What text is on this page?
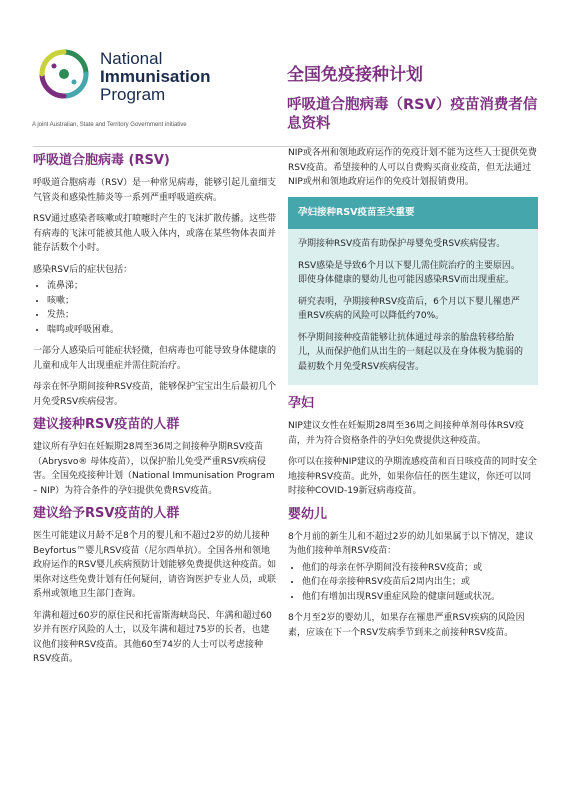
National
Immunisation
Program
A joint Australian, State and Territory Government initiative
全国免疫接种计划
呼吸道合胞病毒（RSV）疫苗消费者信息资料
呼吸道合胞病毒 (RSV)

呼吸道合胞病毒（RSV）是一种常见病毒，能够引起儿童细支气管炎和感染性肺炎等一系列严重呼吸道疾病。

RSV通过感染者咳嗽或打喷嚏时产生的飞沫扩散传播。这些带有病毒的飞沫可能被其他人吸入体内，或落在某些物体表面并能存活数个小时。

感染RSV后的症状包括：

• 流鼻涕；
• 咳嗽；
• 发热；
• 喘鸣或呼吸困难。

一部分人感染后可能症状轻微，但病毒也可能导致身体健康的儿童和成年人出现重症并需住院治疗。

母亲在怀孕期间接种RSV疫苗，能够保护宝宝出生后最初几个月免受RSV疾病侵害。

建议接种RSV疫苗的人群

建议所有孕妇在妊娠期28周至36周之间接种孕期RSV疫苗（Abrysvo® 母体疫苗），以保护胎儿免受严重RSV疾病侵害。全国免疫接种计划（National Immunisation Program – NIP）为符合条件的孕妇提供免费RSV疫苗。

建议给予RSV疫苗的人群

医生可能建议月龄不足8个月的婴儿和不超过2岁的幼儿接种Beyfortus™婴儿RSV疫苗（尼尔西单抗）。全国各州和领地政府运作的RSV婴儿疾病预防计划能够免费提供这种疫苗。如果你对这些免费计划有任何疑问，请咨询医护专业人员，或联系州或领地卫生部门查询。

年满和超过60岁的原住民和托雷斯海峡岛民、年满和超过60岁并有医疗风险的人士，以及年满和超过75岁的长者，也建议他们接种RSV疫苗。其他60至74岁的人士可以考虑接种RSV疫苗。

NIP或各州和领地政府运作的免疫计划不能为这些人士提供免费RSV疫苗。希望接种的人可以自费购买商业疫苗，但无法通过NIP或州和领地政府运作的免疫计划报销费用。

孕妇接种RSV疫苗至关重要

孕期接种RSV疫苗有助保护母婴免受RSV疾病侵害。

RSV感染是导致6个月以下婴儿需住院治疗的主要原因。即使身体健康的婴幼儿也可能因感染RSV而出现重症。

研究表明，孕期接种RSV疫苗后，6个月以下婴儿罹患严重RSV疾病的风险可以降低约70%。

怀孕期间接种疫苗能够让抗体通过母亲的胎盘转移给胎儿，从而保护他们从出生的一刻起以及在身体极为脆弱的最初数个月免受RSV疾病侵害。

孕妇

NIP建议女性在妊娠期28周至36周之间接种单剂母体RSV疫苗，并为符合资格条件的孕妇免费提供这种疫苗。

你可以在接种NIP建议的孕期流感疫苗和百日咳疫苗的同时安全地接种RSV疫苗。此外，如果你信任的医生建议，你还可以同时接种COVID-19新冠病毒疫苗。

婴幼儿

8个月前的新生儿和不超过2岁的幼儿如果属于以下情况，建议为他们接种单剂RSV疫苗：

• 他们的母亲在怀孕期间没有接种RSV疫苗；或
• 他们在母亲接种RSV疫苗后2周内出生；或
• 他们有增加出现RSV重症风险的健康问题或状况。

8个月至2岁的婴幼儿，如果存在罹患严重RSV疾病的风险因素，应该在下一个RSV发病季节到来之前接种RSV疫苗。
